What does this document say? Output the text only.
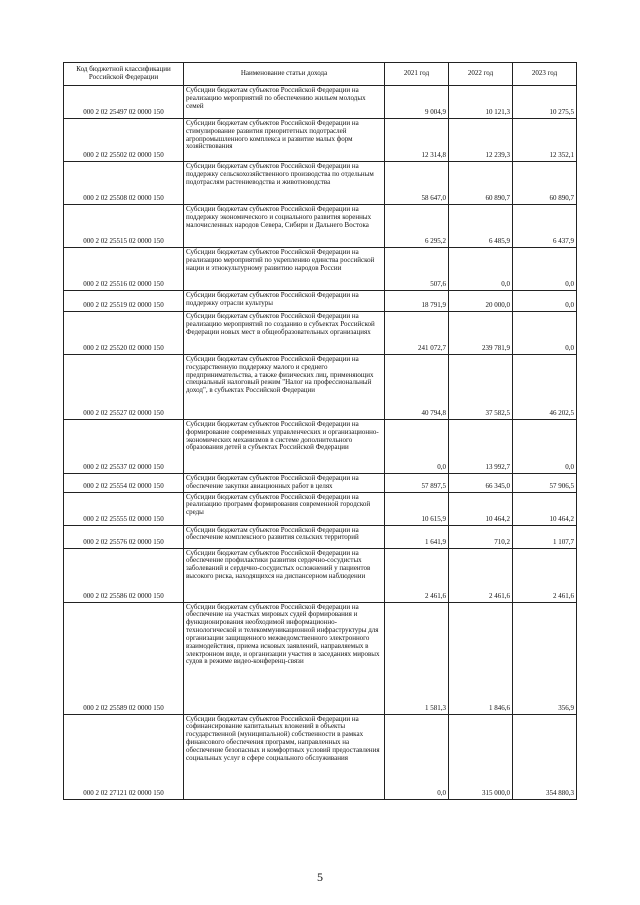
Код бюджетной классификации Российской Федерации	Наименование статьи дохода	2021 год	2022 год	2023 год
000 2 02 25497 02 0000 150	Субсидии бюджетам субъектов Российской Федерации на реализацию мероприятий по обеспечению жильем молодых семей	9 004,9	10 121,3	10 275,5
000 2 02 25502 02 0000 150	Субсидии бюджетам субъектов Российской Федерации на стимулирование развития приоритетных подотраслей агропромышленного комплекса и развитие малых форм хозяйствования	12 314,8	12 239,3	12 352,1
000 2 02 25508 02 0000 150	Субсидии бюджетам субъектов Российской Федерации на поддержку сельскохозяйственного производства по отдельным подотраслям растениеводства и животноводства	58 647,0	60 890,7	60 890,7
000 2 02 25515 02 0000 150	Субсидии бюджетам субъектов Российской Федерации на поддержку экономического и социального развития коренных малочисленных народов Севера, Сибири и Дальнего Востока	6 295,2	6 485,9	6 437,9
000 2 02 25516 02 0000 150	Субсидии бюджетам субъектов Российской Федерации на реализацию мероприятий по укреплению единства российской нации и этнокультурному развитию народов России	507,6	0,0	0,0
000 2 02 25519 02 0000 150	Субсидии бюджетам субъектов Российской Федерации на поддержку отрасли культуры	18 791,9	20 000,0	0,0
000 2 02 25520 02 0000 150	Субсидии бюджетам субъектов Российской Федерации на реализацию мероприятий по созданию в субъектах Российской Федерации новых мест в общеобразовательных организациях	241 072,7	239 781,9	0,0
000 2 02 25527 02 0000 150	Субсидии бюджетам субъектов Российской Федерации на государственную поддержку малого и среднего предпринимательства, а также физических лиц, применяющих специальный налоговый режим "Налог на профессиональный доход", в субъектах Российской Федерации	40 794,8	37 582,5	46 202,5
000 2 02 25537 02 0000 150	Субсидии бюджетам субъектов Российской Федерации на формирование современных управленческих и организационно-экономических механизмов в системе дополнительного образования детей в субъектах Российской Федерации	0,0	13 992,7	0,0
000 2 02 25554 02 0000 150	Субсидии бюджетам субъектов Российской Федерации на обеспечение закупки авиационных работ в целях	57 897,5	66 345,0	57 906,5
000 2 02 25555 02 0000 150	Субсидии бюджетам субъектов Российской Федерации на реализацию программ формирования современной городской среды	10 615,9	10 464,2	10 464,2
000 2 02 25576 02 0000 150	Субсидии бюджетам субъектов Российской Федерации на обеспечение комплексного развития сельских территорий	1 641,9	710,2	1 107,7
000 2 02 25586 02 0000 150	Субсидии бюджетам субъектов Российской Федерации на обеспечение профилактики развития сердечно-сосудистых заболеваний и сердечно-сосудистых осложнений у пациентов высокого риска, находящихся на диспансерном наблюдении	2 461,6	2 461,6	2 461,6
000 2 02 25589 02 0000 150	Субсидии бюджетам субъектов Российской Федерации на обеспечение на участках мировых судей формирования и функционирования необходимой информационно-технологической и телекоммуникационной инфраструктуры для организации защищенного межведомственного электронного взаимодействия, приема исковых заявлений, направляемых в электронном виде, и организации участия в заседаниях мировых судов в режиме видео-конференц-связи	1 581,3	1 846,6	356,9
000 2 02 27121 02 0000 150	Субсидии бюджетам субъектов Российской Федерации на софинансирование капитальных вложений в объекты государственной (муниципальной) собственности в рамках финансового обеспечения программ, направленных на обеспечение безопасных и комфортных условий предоставления социальных услуг в сфере социального обслуживания	0,0	315 000,0	354 880,3
5
